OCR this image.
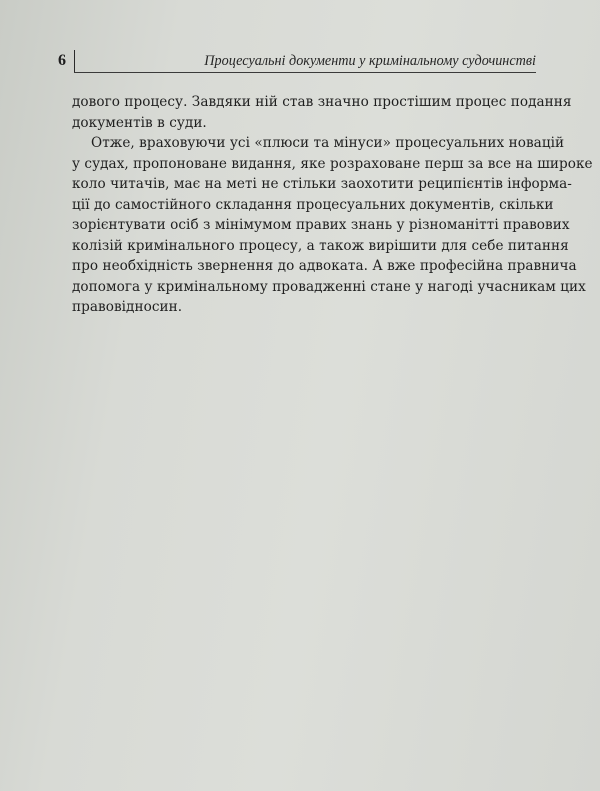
6	Процесуальні документи у кримінальному судочинстві
дового процесу. Завдяки ній став значно простішим процес подання
документів в суди.
Отже, враховуючи усі «плюси та мінуси» процесуальних новацій
у судах, пропоноване видання, яке розраховане перш за все на широке
коло читачів, має на меті не стільки заохотити реципієнтів інформа-
ції до самостійного складання процесуальних документів, скільки
зорієнтувати осіб з мінімумом правих знань у різноманітті правових
колізій кримінального процесу, а також вирішити для себе питання
про необхідність звернення до адвоката. А вже професійна правнича
допомога у кримінальному провадженні стане у нагоді учасникам цих
правовідносин.
